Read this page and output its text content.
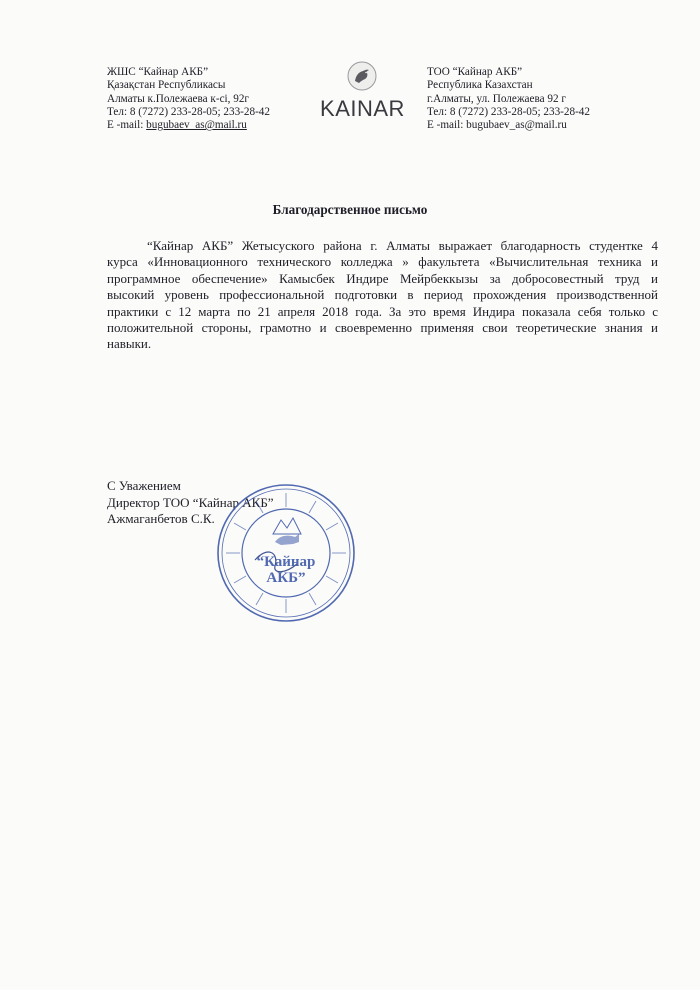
ЖШС “Кайнар АКБ”
Қазақстан Республикасы
Алматы к.Полежаева к-сі, 92г
Тел: 8 (7272) 233-28-05; 233-28-42
E -mail: bugubaev_as@mail.ru
KAINAR
ТОО “Кайнар АКБ”
Республика Казахстан
г.Алматы, ул. Полежаева 92 г
Тел: 8 (7272) 233-28-05; 233-28-42
E -mail: bugubaev_as@mail.ru
Благодарственное письмо
“Кайнар АКБ” Жетысуского района г. Алматы выражает благодарность студентке 4 курса «Инновационного технического колледжа » факультета «Вычислительная техника и программное обеспечение» Камысбек Индире Мейрбеккызы за добросовестный труд и высокий уровень профессиональной подготовки в период прохождения производственной практики с 12 марта по 21 апреля 2018 года. За это время Индира показала себя только с положительной стороны, грамотно и своевременно применяя свои теоретические знания и навыки.
С Уважением
Директор ТОО “Кайнар АКБ”
Ажмаганбетов С.К.
“Кайнар
АКБ”
